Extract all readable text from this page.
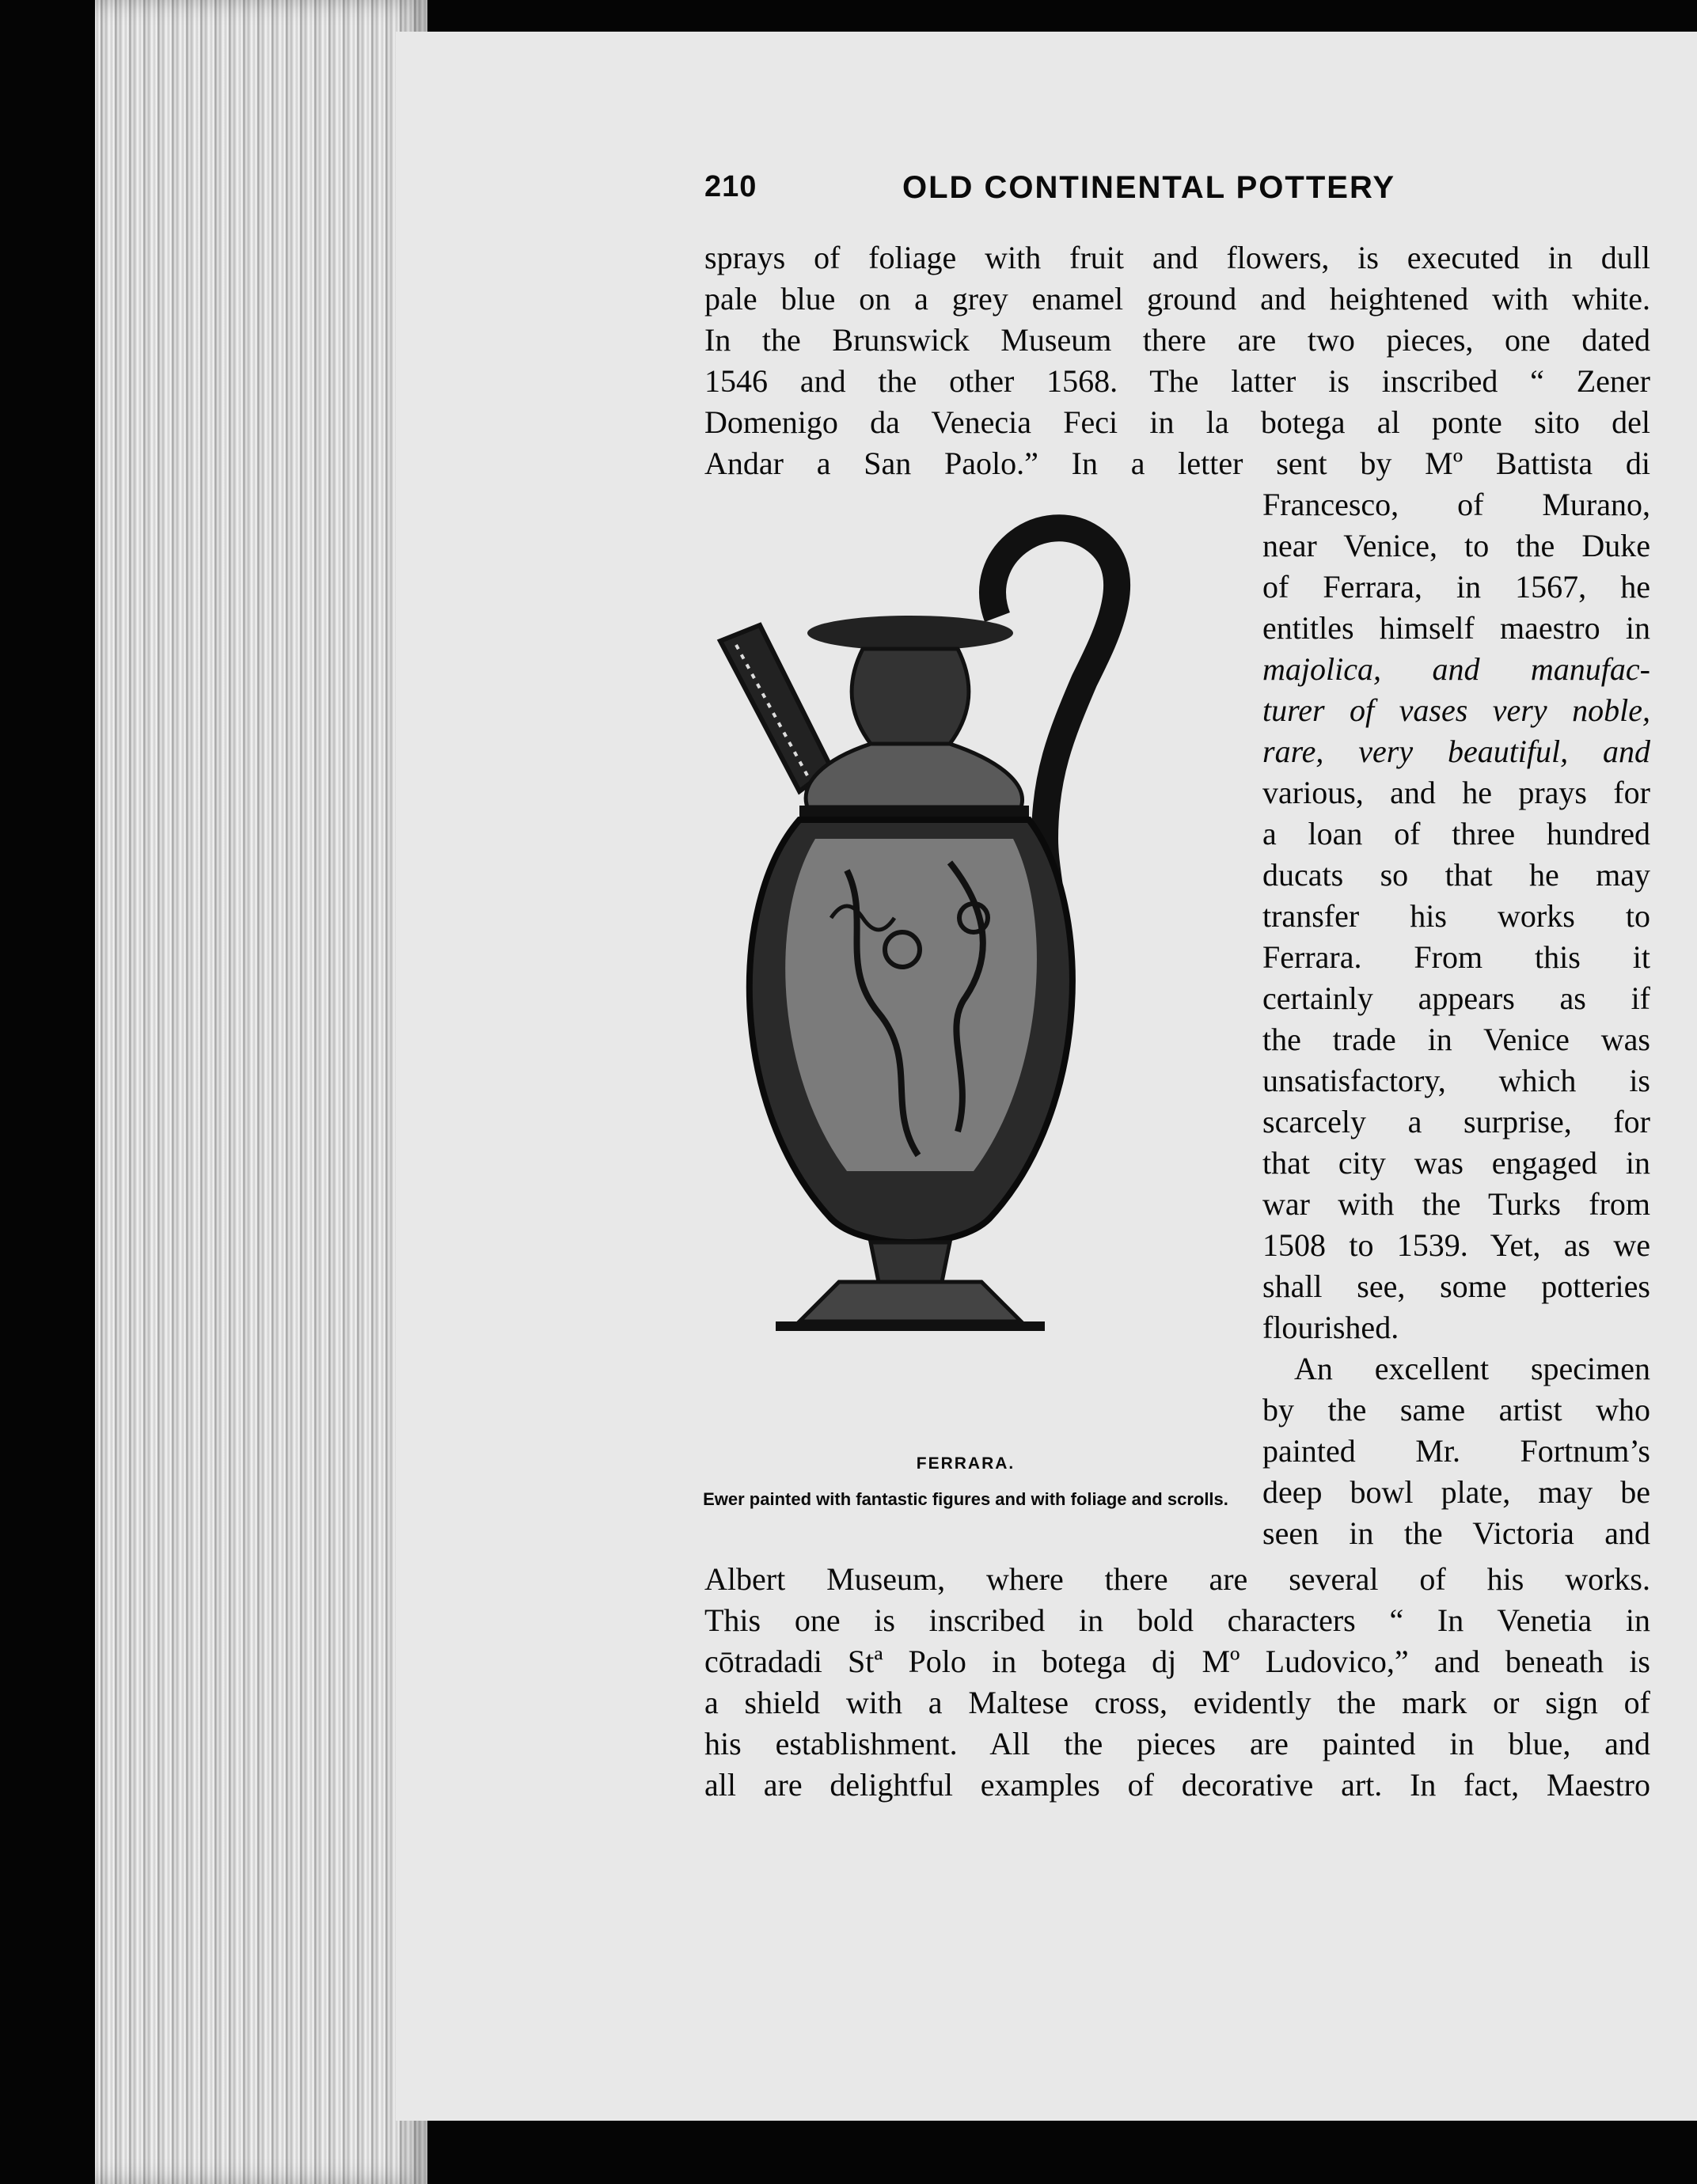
210	OLD CONTINENTAL POTTERY
sprays of foliage with fruit and flowers, is executed in dull
pale blue on a grey enamel ground and heightened with white.
In the Brunswick Museum there are two pieces, one dated
1546 and the other 1568. The latter is inscribed “ Zener
Domenigo da Venecia Feci in la botega al ponte sito del
Andar a San Paolo.” In a letter sent by Mº Battista di
Francesco, of Murano,
near Venice, to the Duke
of Ferrara, in 1567, he
entitles himself maestro in
majolica, and manufac-
turer of vases very noble,
rare, very beautiful, and
various, and he prays for
a loan of three hundred
ducats so that he may
transfer his works to
Ferrara. From this it
certainly appears as if
the trade in Venice was
unsatisfactory, which is
scarcely a surprise, for
that city was engaged in
war with the Turks from
1508 to 1539. Yet, as we
shall see, some potteries
flourished.
An excellent specimen
by the same artist who
painted Mr. Fortnum’s
deep bowl plate, may be
seen in the Victoria and
Albert Museum, where there are several of his works.
This one is inscribed in bold characters “ In Venetia in
cōtradadi Stª Polo in botega dj Mº Ludovico,” and beneath is
a shield with a Maltese cross, evidently the mark or sign of
his establishment. All the pieces are painted in blue, and
all are delightful examples of decorative art. In fact, Maestro
FERRARA.
Ewer painted with fantastic figures and with foliage and scrolls.
